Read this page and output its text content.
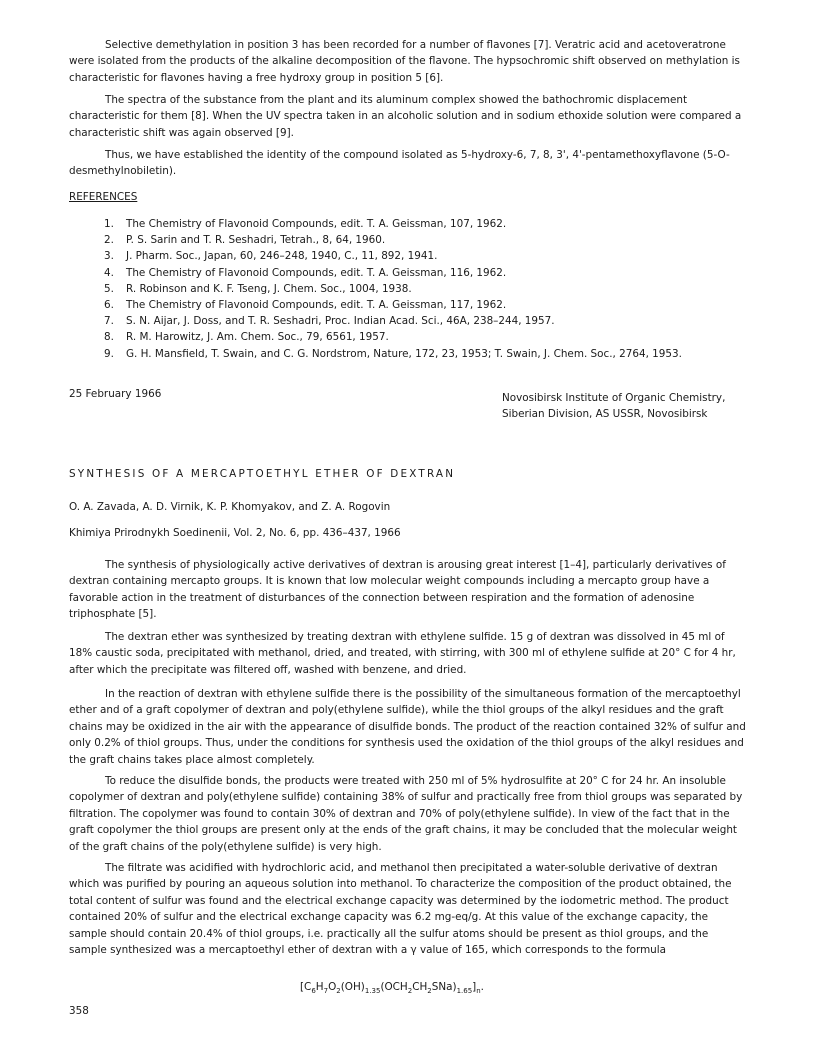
Selective demethylation in position 3 has been recorded for a number of flavones [7]. Veratric acid and acetoveratrone were isolated from the products of the alkaline decomposition of the flavone. The hypsochromic shift observed on methylation is characteristic for flavones having a free hydroxy group in position 5 [6].

The spectra of the substance from the plant and its aluminum complex showed the bathochromic displacement characteristic for them [8]. When the UV spectra taken in an alcoholic solution and in sodium ethoxide solution were compared a characteristic shift was again observed [9].

Thus, we have established the identity of the compound isolated as 5-hydroxy-6, 7, 8, 3', 4'-pentamethoxyflavone (5-O-desmethylnobiletin).

REFERENCES

1. The Chemistry of Flavonoid Compounds, edit. T. A. Geissman, 107, 1962.

2. P. S. Sarin and T. R. Seshadri, Tetrah., 8, 64, 1960.

3. J. Pharm. Soc., Japan, 60, 246–248, 1940, C., 11, 892, 1941.

4. The Chemistry of Flavonoid Compounds, edit. T. A. Geissman, 116, 1962.

5. R. Robinson and K. F. Tseng, J. Chem. Soc., 1004, 1938.

6. The Chemistry of Flavonoid Compounds, edit. T. A. Geissman, 117, 1962.

7. S. N. Aijar, J. Doss, and T. R. Seshadri, Proc. Indian Acad. Sci., 46A, 238–244, 1957.

8. R. M. Harowitz, J. Am. Chem. Soc., 79, 6561, 1957.

9. G. H. Mansfield, T. Swain, and C. G. Nordstrom, Nature, 172, 23, 1953; T. Swain, J. Chem. Soc., 2764, 1953.

25 February 1966	Novosibirsk Institute of Organic Chemistry,
Siberian Division, AS USSR, Novosibirsk
SYNTHESIS OF A MERCAPTOETHYL ETHER OF DEXTRAN
O. A. Zavada, A. D. Virnik, K. P. Khomyakov, and Z. A. Rogovin
Khimiya Prirodnykh Soedinenii, Vol. 2, No. 6, pp. 436–437, 1966

The synthesis of physiologically active derivatives of dextran is arousing great interest [1–4], particularly derivatives of dextran containing mercapto groups. It is known that low molecular weight compounds including a mercapto group have a favorable action in the treatment of disturbances of the connection between respiration and the formation of adenosine triphosphate [5].

The dextran ether was synthesized by treating dextran with ethylene sulfide. 15 g of dextran was dissolved in 45 ml of 18% caustic soda, precipitated with methanol, dried, and treated, with stirring, with 300 ml of ethylene sulfide at 20° C for 4 hr, after which the precipitate was filtered off, washed with benzene, and dried.

In the reaction of dextran with ethylene sulfide there is the possibility of the simultaneous formation of the mercaptoethyl ether and of a graft copolymer of dextran and poly(ethylene sulfide), while the thiol groups of the alkyl residues and the graft chains may be oxidized in the air with the appearance of disulfide bonds. The product of the reaction contained 32% of sulfur and only 0.2% of thiol groups. Thus, under the conditions for synthesis used the oxidation of the thiol groups of the alkyl residues and the graft chains takes place almost completely.

To reduce the disulfide bonds, the products were treated with 250 ml of 5% hydrosulfite at 20° C for 24 hr. An insoluble copolymer of dextran and poly(ethylene sulfide) containing 38% of sulfur and practically free from thiol groups was separated by filtration. The copolymer was found to contain 30% of dextran and 70% of poly(ethylene sulfide). In view of the fact that in the graft copolymer the thiol groups are present only at the ends of the graft chains, it may be concluded that the molecular weight of the graft chains of the poly(ethylene sulfide) is very high.

The filtrate was acidified with hydrochloric acid, and methanol then precipitated a water-soluble derivative of dextran which was purified by pouring an aqueous solution into methanol. To characterize the composition of the product obtained, the total content of sulfur was found and the electrical exchange capacity was determined by the iodometric method. The product contained 20% of sulfur and the electrical exchange capacity was 6.2 mg-eq/g. At this value of the exchange capacity, the sample should contain 20.4% of thiol groups, i.e. practically all the sulfur atoms should be present as thiol groups, and the sample synthesized was a mercaptoethyl ether of dextran with a γ value of 165, which corresponds to the formula

$[C_6H_7O_2(OH)_{1.35}(OCH_2CH_2SNa)_{1.65}]_n$.
358
